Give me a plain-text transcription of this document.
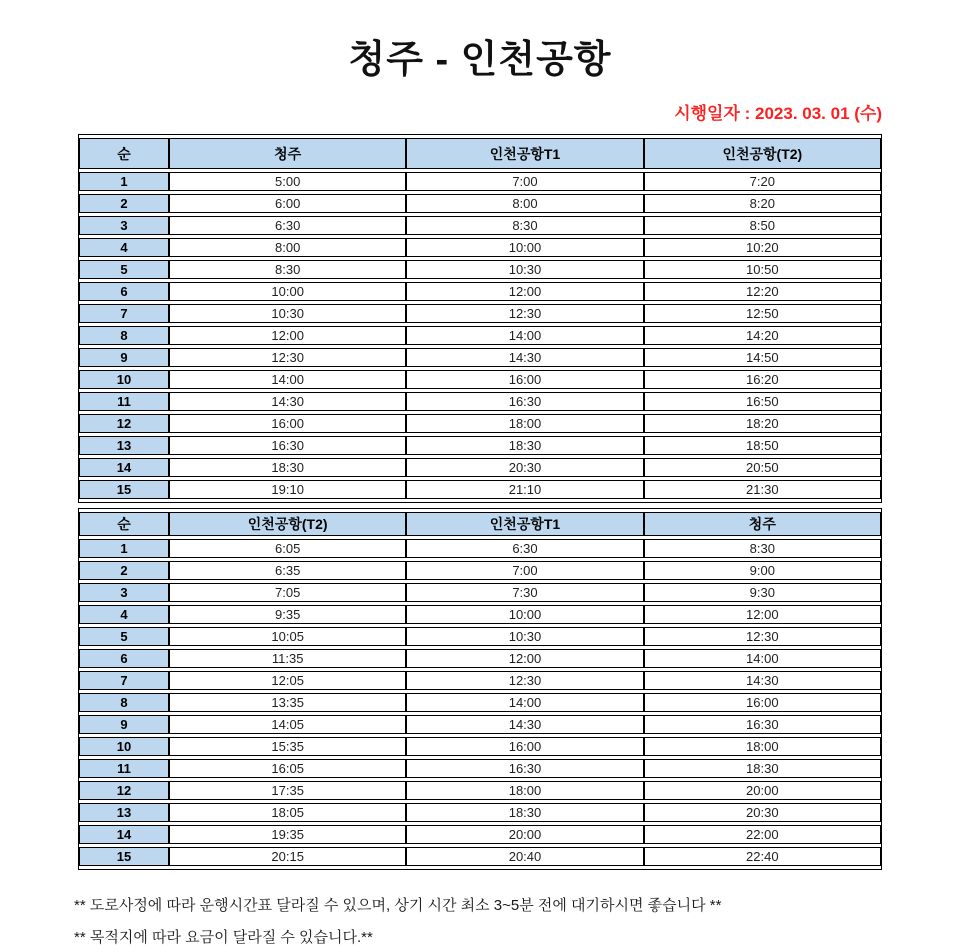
청주 - 인천공항
시행일자 : 2023. 03. 01 (수)
순	청주	인천공항T1	인천공항(T2)
1	5:00	7:00	7:20
2	6:00	8:00	8:20
3	6:30	8:30	8:50
4	8:00	10:00	10:20
5	8:30	10:30	10:50
6	10:00	12:00	12:20
7	10:30	12:30	12:50
8	12:00	14:00	14:20
9	12:30	14:30	14:50
10	14:00	16:00	16:20
11	14:30	16:30	16:50
12	16:00	18:00	18:20
13	16:30	18:30	18:50
14	18:30	20:30	20:50
15	19:10	21:10	21:30
순	인천공항(T2)	인천공항T1	청주
1	6:05	6:30	8:30
2	6:35	7:00	9:00
3	7:05	7:30	9:30
4	9:35	10:00	12:00
5	10:05	10:30	12:30
6	11:35	12:00	14:00
7	12:05	12:30	14:30
8	13:35	14:00	16:00
9	14:05	14:30	16:30
10	15:35	16:00	18:00
11	16:05	16:30	18:30
12	17:35	18:00	20:00
13	18:05	18:30	20:30
14	19:35	20:00	22:00
15	20:15	20:40	22:40

** 도로사정에 따라 운행시간표 달라질 수 있으며, 상기 시간 최소 3~5분 전에 대기하시면 좋습니다 **

** 목적지에 따라 요금이 달라질 수 있습니다.**
